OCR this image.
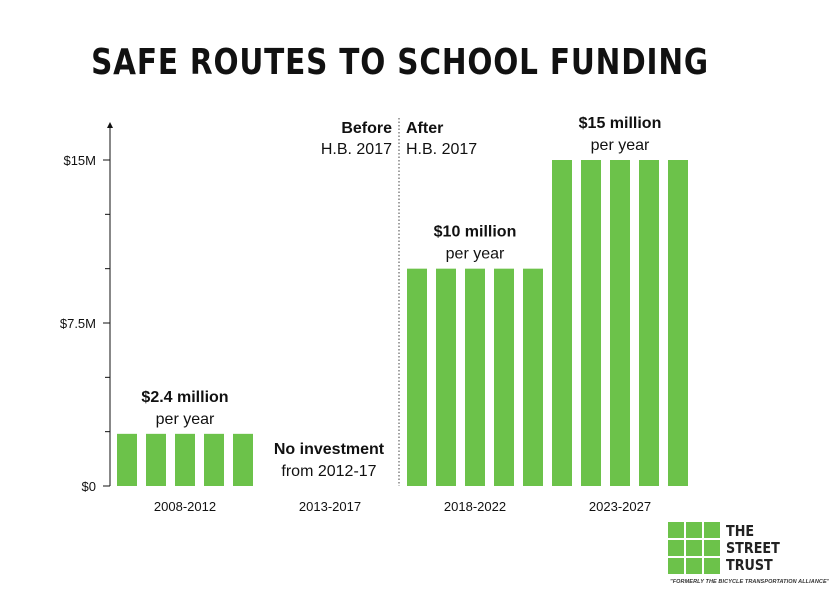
SAFE ROUTES TO SCHOOL FUNDING
$0
$7.5M
$15M
2008-2012
$2.4 million
per year
2013-2017
No investment
from 2012-17
2018-2022
$10 million
per year
2023-2027
$15 million
per year
Before
H.B. 2017
After
H.B. 2017
THE
STREET
TRUST
"FORMERLY THE BICYCLE TRANSPORTATION ALLIANCE"
